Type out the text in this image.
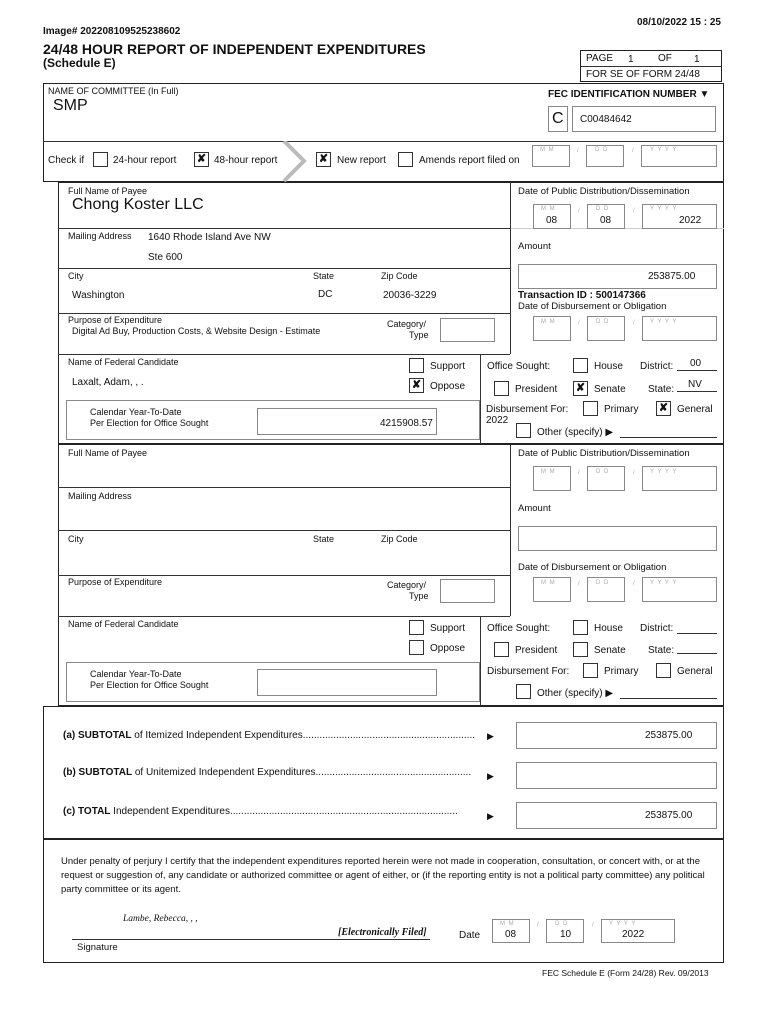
Image# 202208109525238602
08/10/2022 15 : 25
24/48 HOUR REPORT OF INDEPENDENT EXPENDITURES
(Schedule E)	PAGE 1 OF 1
FOR SE OF FORM 24/48
NAME OF COMMITTEE (In Full)
SMP
FEC IDENTIFICATION NUMBER ▼
C C00484642
Check if	24-hour report ✘ 48-hour report	✘ New report	Amends report filed on
M M	/	D D	/	Y Y Y Y
Full Name of Payee
Chong Koster LLC
Mailing Address 1640 Rhode Island Ave NW
Ste 600
City	State	Zip Code
Washington	DC	20036-3229
Purpose of Expenditure
Digital Ad Buy, Production Costs, & Website Design - Estimate
Category/
Type
Name of Federal Candidate
Laxalt, Adam, , .
Support
✘ Oppose
Office Sought:	House District: 00
President ✘ Senate State: NV
Calendar Year-To-Date
Per Election for Office Sought	4215908.57
Disbursement For:
2022
Primary ✘ General
Other (specify) ▶
Date of Public Distribution/Dissemination
M M
08
/	D D
08
/ Y Y Y Y
2022
Amount
253875.00
Transaction ID : 500147366
Date of Disbursement or Obligation
M M	/	D D	/ Y Y Y Y
Full Name of Payee
Mailing Address
City	State	Zip Code
Purpose of Expenditure	Category/
Type
Name of Federal Candidate	Support
Oppose
Office Sought:	House District:
President	Senate State:
Calendar Year-To-Date
Per Election for Office Sought
Disbursement For:	Primary	General
Other (specify) ▶
Date of Public Distribution/Dissemination
M M	/	D D	/ Y Y Y Y
Amount
Date of Disbursement or Obligation
M M	/	D D	/ Y Y Y Y
(a) SUBTOTAL of Itemized Independent Expenditures.............................................................. ▶	253875.00
(b) SUBTOTAL of Unitemized Independent Expenditures........................................................ ▶
(c) TOTAL Independent Expenditures..................................................................................	▶	253875.00
Under penalty of perjury I certify that the independent expenditures reported herein were not made in cooperation, consultation, or concert with, or at the request or suggestion of, any candidate or authorized committee or agent of either, or (if the reporting entity is not a political party committee) any political party committee or its agent.
Lambe, Rebecca, , ,
[Electronically Filed]
Signature
Date
M M
08
/	D D
10
/ Y Y Y Y
2022
FEC Schedule E (Form 24/28) Rev. 09/2013
